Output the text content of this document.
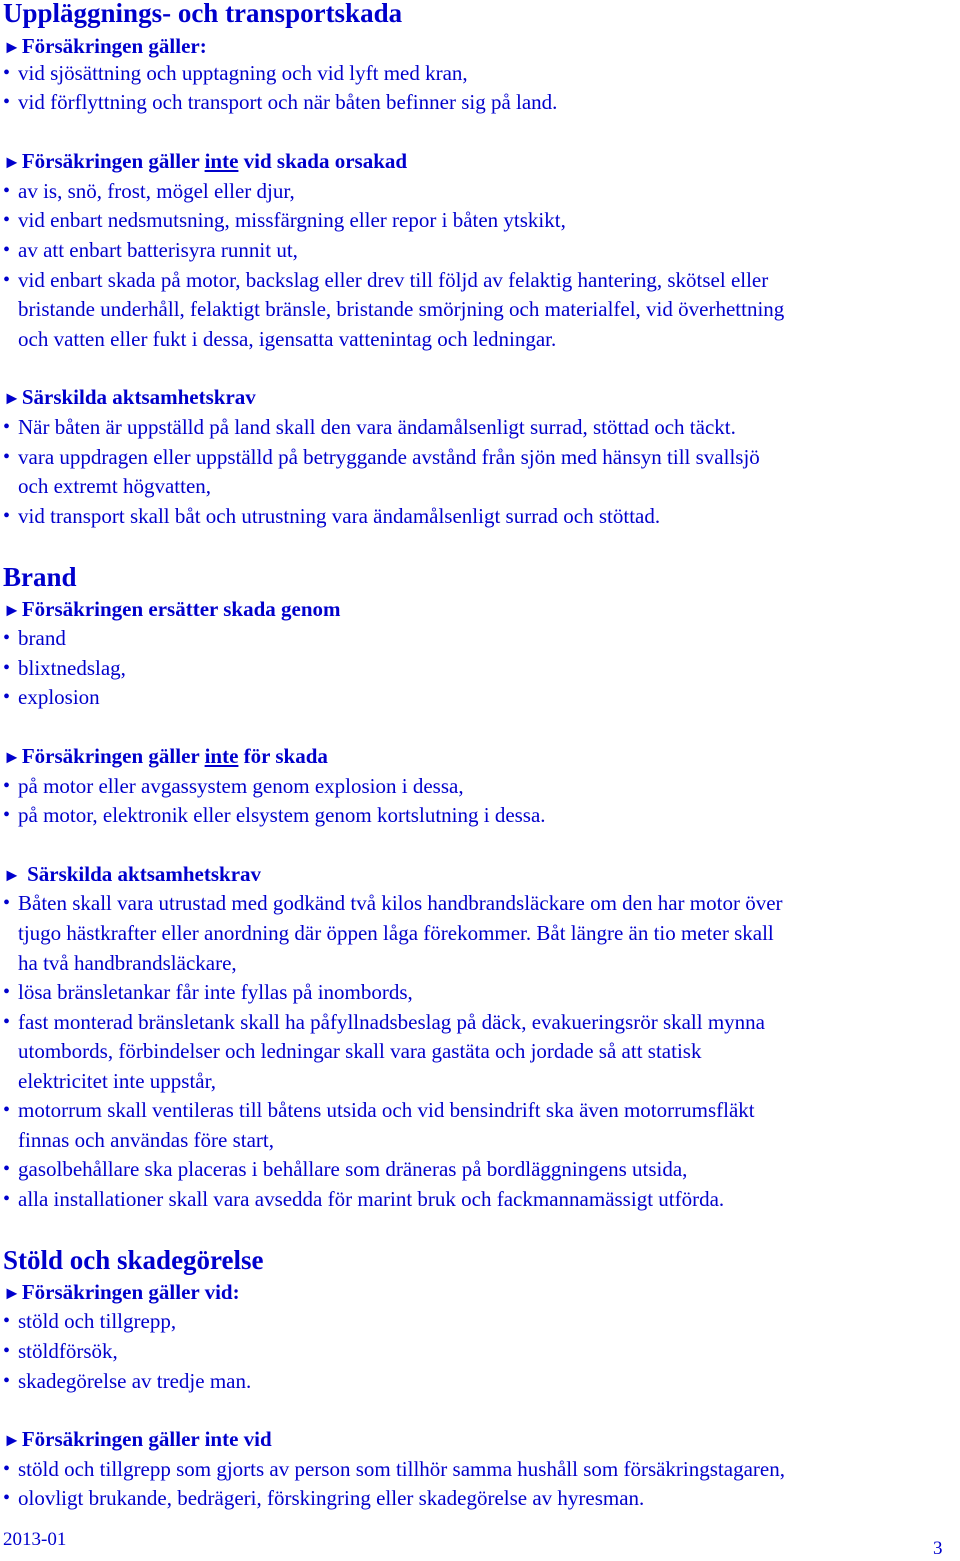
Uppläggnings- och transportskada
►Försäkringen gäller:
• vid sjösättning och upptagning och vid lyft med kran,
• vid förflyttning och transport och när båten befinner sig på land.
►Försäkringen gäller inte vid skada orsakad
• av is, snö, frost, mögel eller djur,
• vid enbart nedsmutsning, missfärgning eller repor i båten ytskikt,
• av att enbart batterisyra runnit ut,
• vid enbart skada på motor, backslag eller drev till följd av felaktig hantering, skötsel eller
bristande underhåll, felaktigt bränsle, bristande smörjning och materialfel, vid överhettning
och vatten eller fukt i dessa, igensatta vattenintag och ledningar.
►Särskilda aktsamhetskrav
• När båten är uppställd på land skall den vara ändamålsenligt surrad, stöttad och täckt.
• vara uppdragen eller uppställd på betryggande avstånd från sjön med hänsyn till svallsjö
och extremt högvatten,
• vid transport skall båt och utrustning vara ändamålsenligt surrad och stöttad.
Brand
►Försäkringen ersätter skada genom
• brand
• blixtnedslag,
• explosion
►Försäkringen gäller inte för skada
• på motor eller avgassystem genom explosion i dessa,
• på motor, elektronik eller elsystem genom kortslutning i dessa.
► Särskilda aktsamhetskrav
• Båten skall vara utrustad med godkänd två kilos handbrandsläckare om den har motor över
tjugo hästkrafter eller anordning där öppen låga förekommer. Båt längre än tio meter skall
ha två handbrandsläckare,
• lösa bränsletankar får inte fyllas på inombords,
• fast monterad bränsletank skall ha påfyllnadsbeslag på däck, evakueringsrör skall mynna
utombords, förbindelser och ledningar skall vara gastäta och jordade så att statisk
elektricitet inte uppstår,
• motorrum skall ventileras till båtens utsida och vid bensindrift ska även motorrumsfläkt
finnas och användas före start,
• gasolbehållare ska placeras i behållare som dräneras på bordläggningens utsida,
• alla installationer skall vara avsedda för marint bruk och fackmannamässigt utförda.
Stöld och skadegörelse
►Försäkringen gäller vid:
• stöld och tillgrepp,
• stöldförsök,
• skadegörelse av tredje man.
►Försäkringen gäller inte vid
• stöld och tillgrepp som gjorts av person som tillhör samma hushåll som försäkringstagaren,
• olovligt brukande, bedrägeri, förskingring eller skadegörelse av hyresman.
2013-01	3
